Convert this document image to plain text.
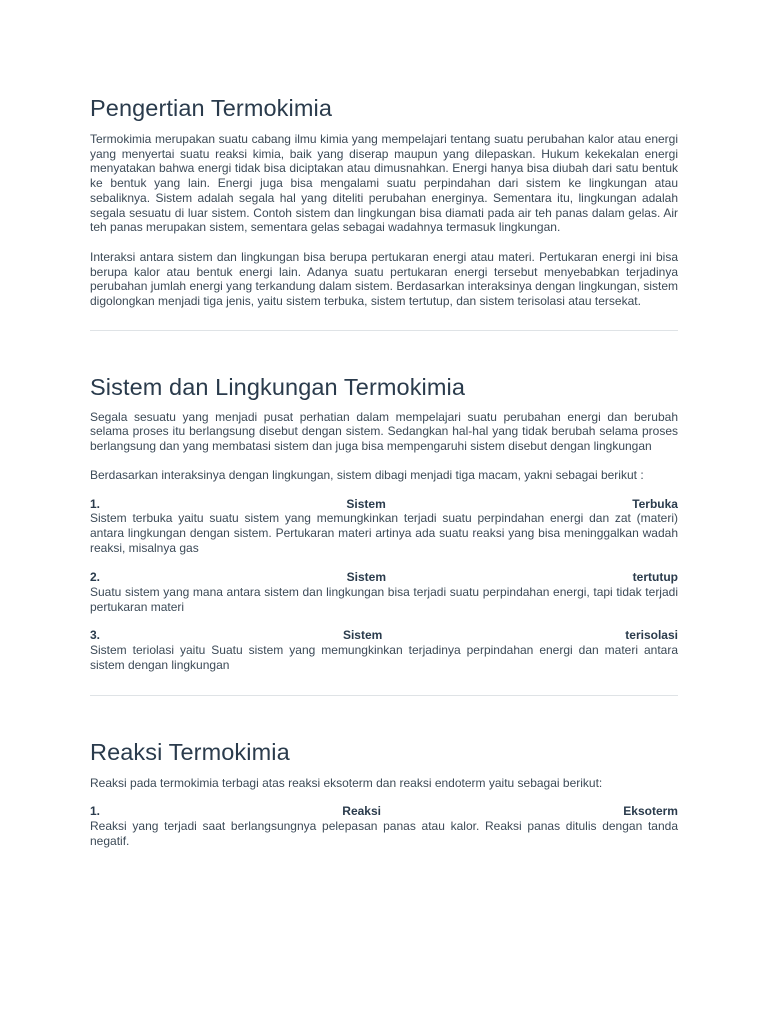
Pengertian Termokimia

Termokimia merupakan suatu cabang ilmu kimia yang mempelajari tentang suatu perubahan kalor atau energi yang menyertai suatu reaksi kimia, baik yang diserap maupun yang dilepaskan. Hukum kekekalan energi menyatakan bahwa energi tidak bisa diciptakan atau dimusnahkan. Energi hanya bisa diubah dari satu bentuk ke bentuk yang lain. Energi juga bisa mengalami suatu perpindahan dari sistem ke lingkungan atau sebaliknya. Sistem adalah segala hal yang diteliti perubahan energinya. Sementara itu, lingkungan adalah segala sesuatu di luar sistem. Contoh sistem dan lingkungan bisa diamati pada air teh panas dalam gelas. Air teh panas merupakan sistem, sementara gelas sebagai wadahnya termasuk lingkungan.

Interaksi antara sistem dan lingkungan bisa berupa pertukaran energi atau materi. Pertukaran energi ini bisa berupa kalor atau bentuk energi lain. Adanya suatu pertukaran energi tersebut menyebabkan terjadinya perubahan jumlah energi yang terkandung dalam sistem. Berdasarkan interaksinya dengan lingkungan, sistem digolongkan menjadi tiga jenis, yaitu sistem terbuka, sistem tertutup, dan sistem terisolasi atau tersekat.

Sistem dan Lingkungan Termokimia

Segala sesuatu yang menjadi pusat perhatian dalam mempelajari suatu perubahan energi dan berubah selama proses itu berlangsung disebut dengan sistem. Sedangkan hal-hal yang tidak berubah selama proses berlangsung dan yang membatasi sistem dan juga bisa mempengaruhi sistem disebut dengan lingkungan

Berdasarkan interaksinya dengan lingkungan, sistem dibagi menjadi tiga macam, yakni sebagai berikut :

1.	Sistem	Terbuka

Sistem terbuka yaitu suatu sistem yang memungkinkan terjadi suatu perpindahan energi dan zat (materi) antara lingkungan dengan sistem. Pertukaran materi artinya ada suatu reaksi yang bisa meninggalkan wadah reaksi, misalnya gas

2.	Sistem	tertutup

Suatu sistem yang mana antara sistem dan lingkungan bisa terjadi suatu perpindahan energi, tapi tidak terjadi pertukaran materi

3.	Sistem	terisolasi

Sistem teriolasi yaitu Suatu sistem yang memungkinkan terjadinya perpindahan energi dan materi antara sistem dengan lingkungan

Reaksi Termokimia

Reaksi pada termokimia terbagi atas reaksi eksoterm dan reaksi endoterm yaitu sebagai berikut:

1.	Reaksi	Eksoterm

Reaksi yang terjadi saat berlangsungnya pelepasan panas atau kalor. Reaksi panas ditulis dengan tanda negatif.
